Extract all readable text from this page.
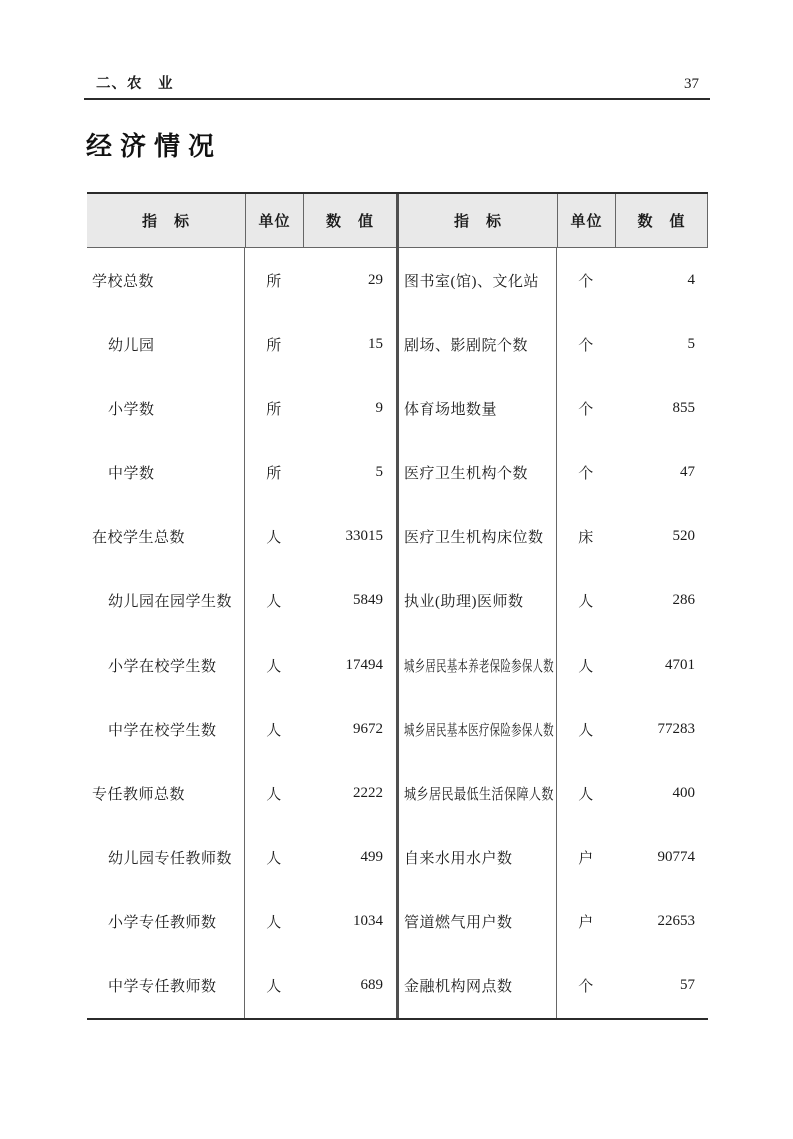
二、农　业	37
经济情况
指　标	单位	数　值
学校总数	所	29
幼儿园	所	15
小学数	所	9
中学数	所	5
在校学生总数	人	33015
幼儿园在园学生数	人	5849
小学在校学生数	人	17494
中学在校学生数	人	9672
专任教师总数	人	2222
幼儿园专任教师数	人	499
小学专任教师数	人	1034
中学专任教师数	人	689
指　标	单位	数　值
图书室(馆)、文化站	个	4
剧场、影剧院个数	个	5
体育场地数量	个	855
医疗卫生机构个数	个	47
医疗卫生机构床位数	床	520
执业(助理)医师数	人	286
城乡居民基本养老保险参保人数	人	4701
城乡居民基本医疗保险参保人数	人	77283
城乡居民最低生活保障人数	人	400
自来水用水户数	户	90774
管道燃气用户数	户	22653
金融机构网点数	个	57
